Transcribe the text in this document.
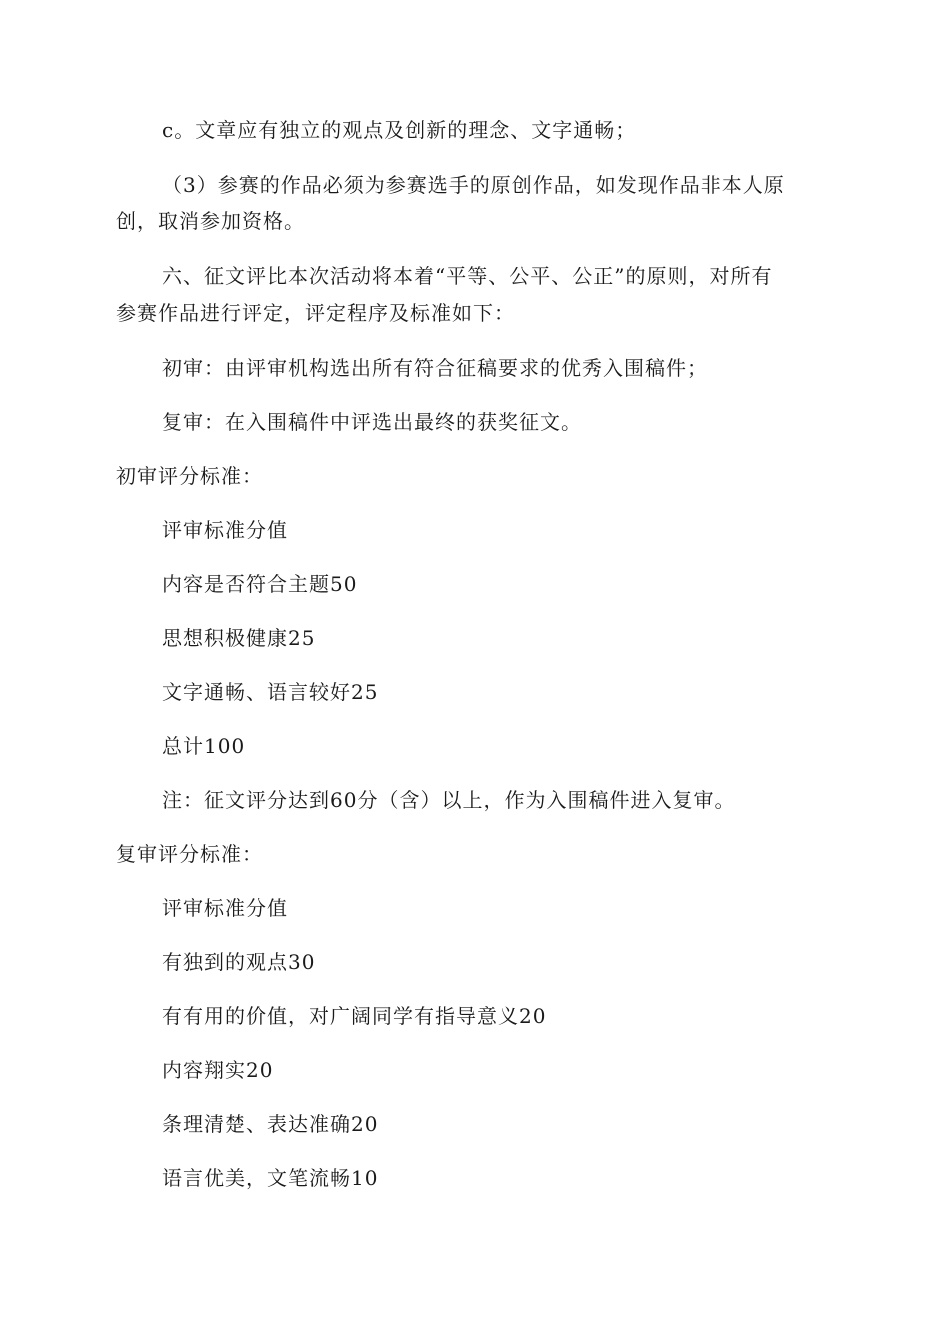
c。文章应有独立的观点及创新的理念、文字通畅；
（3）参赛的作品必须为参赛选手的原创作品，如发现作品非本人原
创，取消参加资格。
六、征文评比本次活动将本着“平等、公平、公正”的原则，对所有
参赛作品进行评定，评定程序及标准如下：
初审：由评审机构选出所有符合征稿要求的优秀入围稿件；
复审：在入围稿件中评选出最终的获奖征文。
初审评分标准：
评审标准分值
内容是否符合主题50
思想积极健康25
文字通畅、语言较好25
总计100
注：征文评分达到60分（含）以上，作为入围稿件进入复审。
复审评分标准：
评审标准分值
有独到的观点30
有有用的价值，对广阔同学有指导意义20
内容翔实20
条理清楚、表达准确20
语言优美，文笔流畅10
